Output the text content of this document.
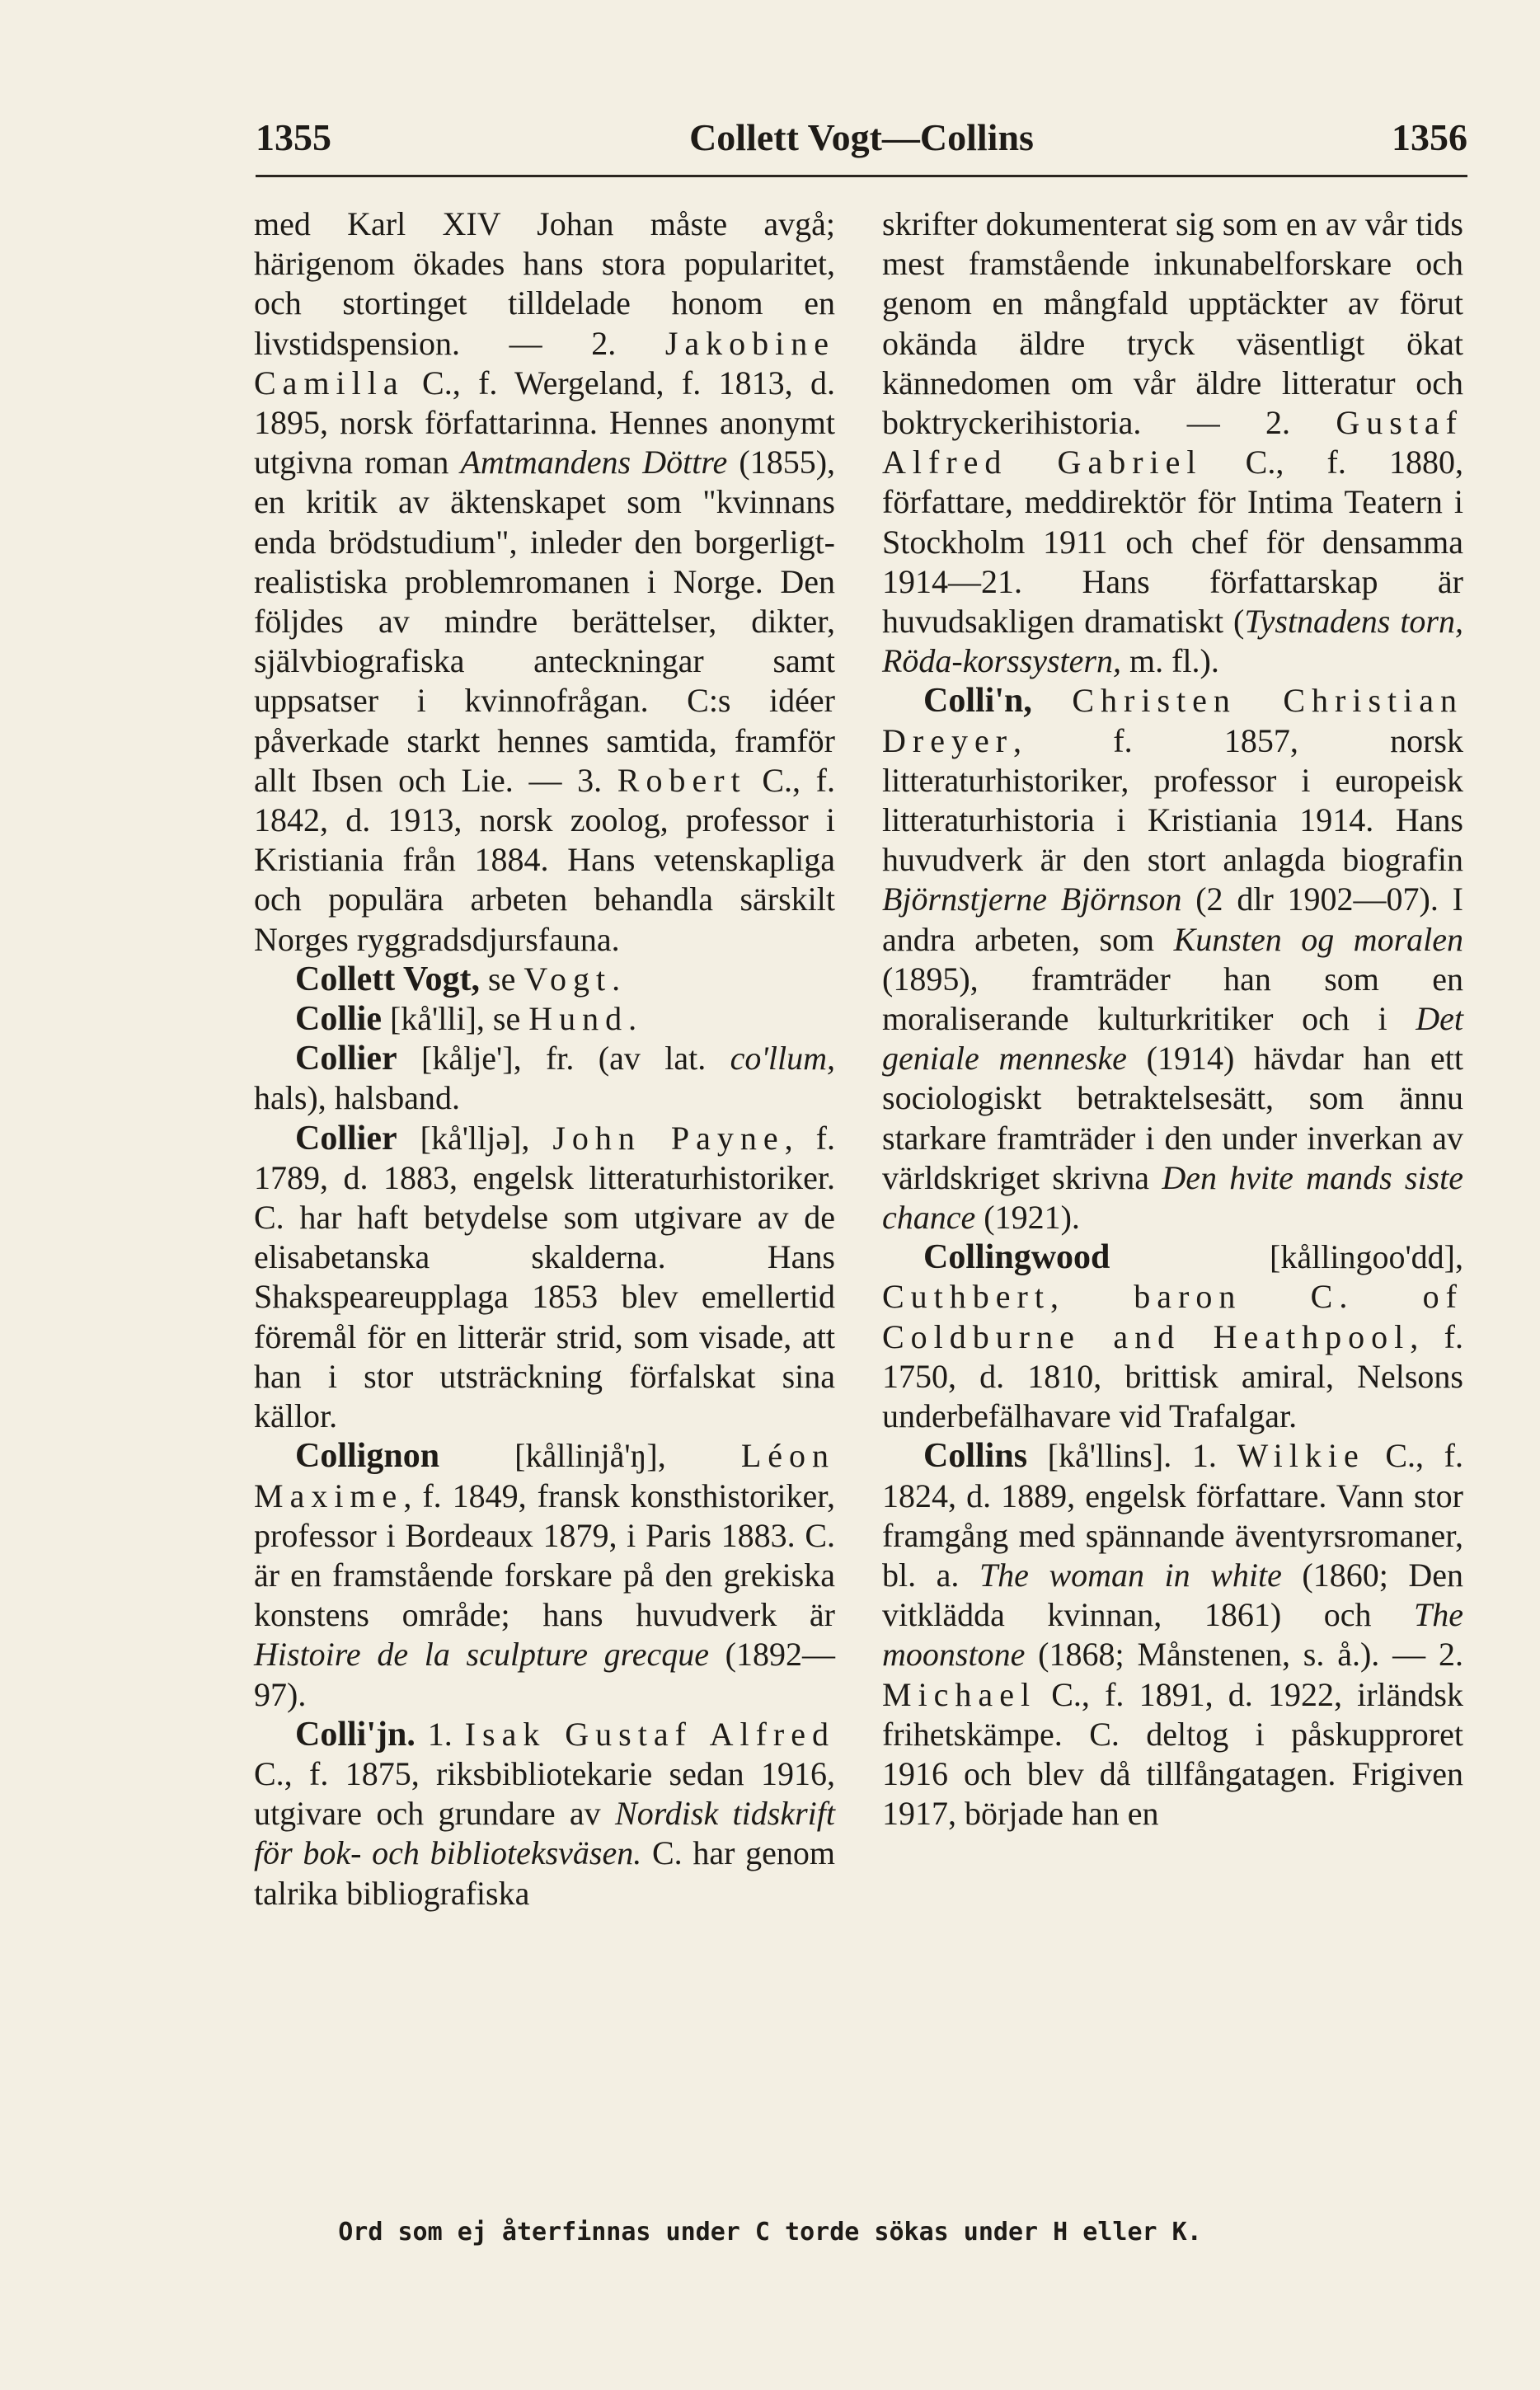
1355	Collett Vogt—Collins	1356

med Karl XIV Johan måste avgå; härigenom ökades hans stora popularitet, och stortinget tilldelade honom en livstidspension. — 2. Jakobine Camilla C., f. Wergeland, f. 1813, d. 1895, norsk författarinna. Hennes anonymt utgivna roman Amtmandens Döttre (1855), en kritik av äktenskapet som "kvinnans enda brödstudium", inleder den borgerligt-realistiska problemromanen i Norge. Den följdes av mindre berättelser, dikter, självbiografiska anteckningar samt uppsatser i kvinnofrågan. C:s idéer påverkade starkt hennes samtida, framför allt Ibsen och Lie. — 3. Robert C., f. 1842, d. 1913, norsk zoolog, professor i Kristiania från 1884. Hans vetenskapliga och populära arbeten behandla särskilt Norges ryggradsdjursfauna.

Collett Vogt, se Vogt.

Collie [kå'lli], se Hund.

Collier [kålje'], fr. (av lat. co'llum, hals), halsband.

Collier [kå'lljə], John Payne, f. 1789, d. 1883, engelsk litteraturhistoriker. C. har haft betydelse som utgivare av de elisabetanska skalderna. Hans Shakspeareupplaga 1853 blev emellertid föremål för en litterär strid, som visade, att han i stor utsträckning förfalskat sina källor.

Collignon [kållinjå'ŋ], Léon Maxime, f. 1849, fransk konsthistoriker, professor i Bordeaux 1879, i Paris 1883. C. är en framstående forskare på den grekiska konstens område; hans huvudverk är Histoire de la sculpture grecque (1892—97).

Colli'jn. 1. Isak Gustaf Alfred C., f. 1875, riksbibliotekarie sedan 1916, utgivare och grundare av Nordisk tidskrift för bok- och biblioteksväsen. C. har genom talrika bibliografiska

skrifter dokumenterat sig som en av vår tids mest framstående inkunabelforskare och genom en mångfald upptäckter av förut okända äldre tryck väsentligt ökat kännedomen om vår äldre litteratur och boktryckerihistoria. — 2. Gustaf Alfred Gabriel C., f. 1880, författare, meddirektör för Intima Teatern i Stockholm 1911 och chef för densamma 1914—21. Hans författarskap är huvudsakligen dramatiskt (Tystnadens torn, Röda-korssystern, m. fl.).

Colli'n, Christen Christian Dreyer, f. 1857, norsk litteraturhistoriker, professor i europeisk litteraturhistoria i Kristiania 1914. Hans huvudverk är den stort anlagda biografin Björnstjerne Björnson (2 dlr 1902—07). I andra arbeten, som Kunsten og moralen (1895), framträder han som en moraliserande kulturkritiker och i Det geniale menneske (1914) hävdar han ett sociologiskt betraktelsesätt, som ännu starkare framträder i den under inverkan av världskriget skrivna Den hvite mands siste chance (1921).

Collingwood [kållingoo'dd], Cuthbert, baron C. of Coldburne and Heathpool, f. 1750, d. 1810, brittisk amiral, Nelsons underbefälhavare vid Trafalgar.

Collins [kå'llins]. 1. Wilkie C., f. 1824, d. 1889, engelsk författare. Vann stor framgång med spännande äventyrsromaner, bl. a. The woman in white (1860; Den vitklädda kvinnan, 1861) och The moonstone (1868; Månstenen, s. å.). — 2. Michael C., f. 1891, d. 1922, irländsk frihetskämpe. C. deltog i påskupproret 1916 och blev då tillfångatagen. Frigiven 1917, började han en

Ord som ej återfinnas under C torde sökas under H eller K.
